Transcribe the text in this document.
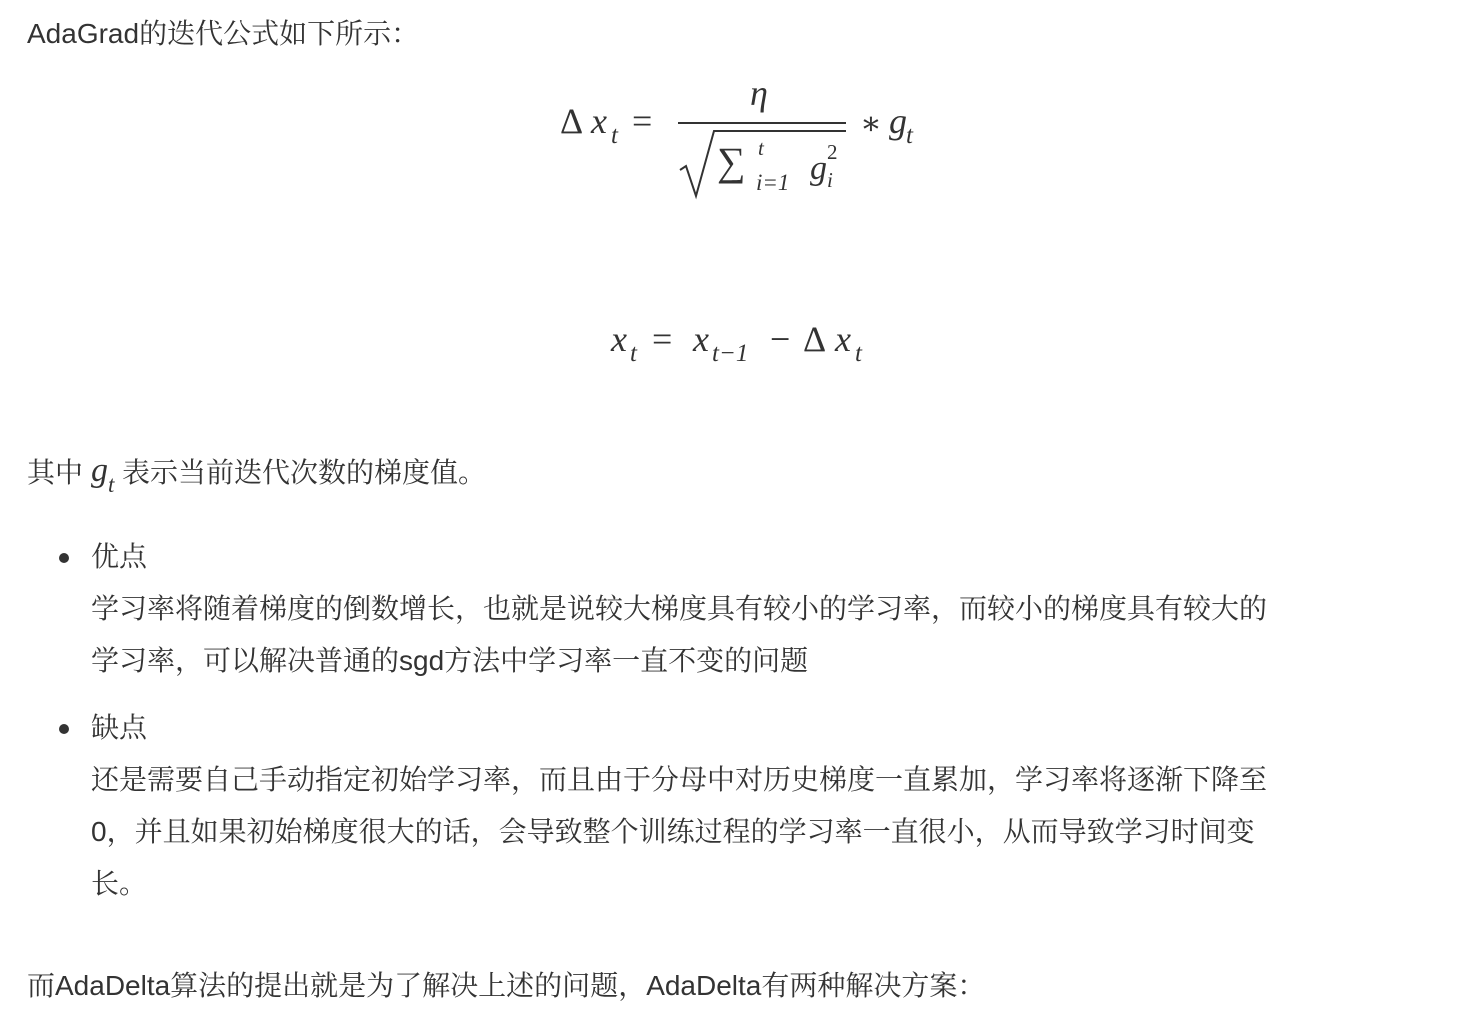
AdaGrad的迭代公式如下所示：
Δ x t =
η
∑ t
i=1 g 2
i
∗ g t
x t = x t−1 − Δ x t
其中 g t 表示当前迭代次数的梯度值。
优点
学习率将随着梯度的倒数增长，也就是说较大梯度具有较小的学习率，而较小的梯度具有较大的
学习率，可以解决普通的sgd方法中学习率一直不变的问题
缺点
还是需要自己手动指定初始学习率，而且由于分母中对历史梯度一直累加，学习率将逐渐下降至
0，并且如果初始梯度很大的话，会导致整个训练过程的学习率一直很小，从而导致学习时间变
长。
而AdaDelta算法的提出就是为了解决上述的问题，AdaDelta有两种解决方案：
